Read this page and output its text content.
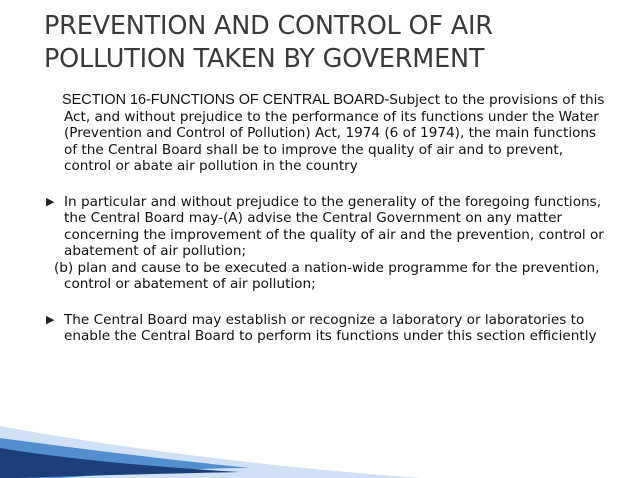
PREVENTION AND CONTROL OF AIR
POLLUTION TAKEN BY GOVERMENT
SECTION 16-FUNCTIONS OF CENTRAL BOARD-Subject to the provisions of this Act, and without prejudice to the performance of its functions under the Water (Prevention and Control of Pollution) Act, 1974 (6 of 1974), the main functions of the Central Board shall be to improve the quality of air and to prevent, control or abate air pollution in the country
▶ In particular and without prejudice to the generality of the foregoing functions, the Central Board may-(A) advise the Central Government on any matter concerning the improvement of the quality of air and the prevention, control or abatement of air pollution;
(b) plan and cause to be executed a nation-wide programme for the prevention, control or abatement of air pollution;
▶ The Central Board may establish or recognize a laboratory or laboratories to enable the Central Board to perform its functions under this section efficiently
